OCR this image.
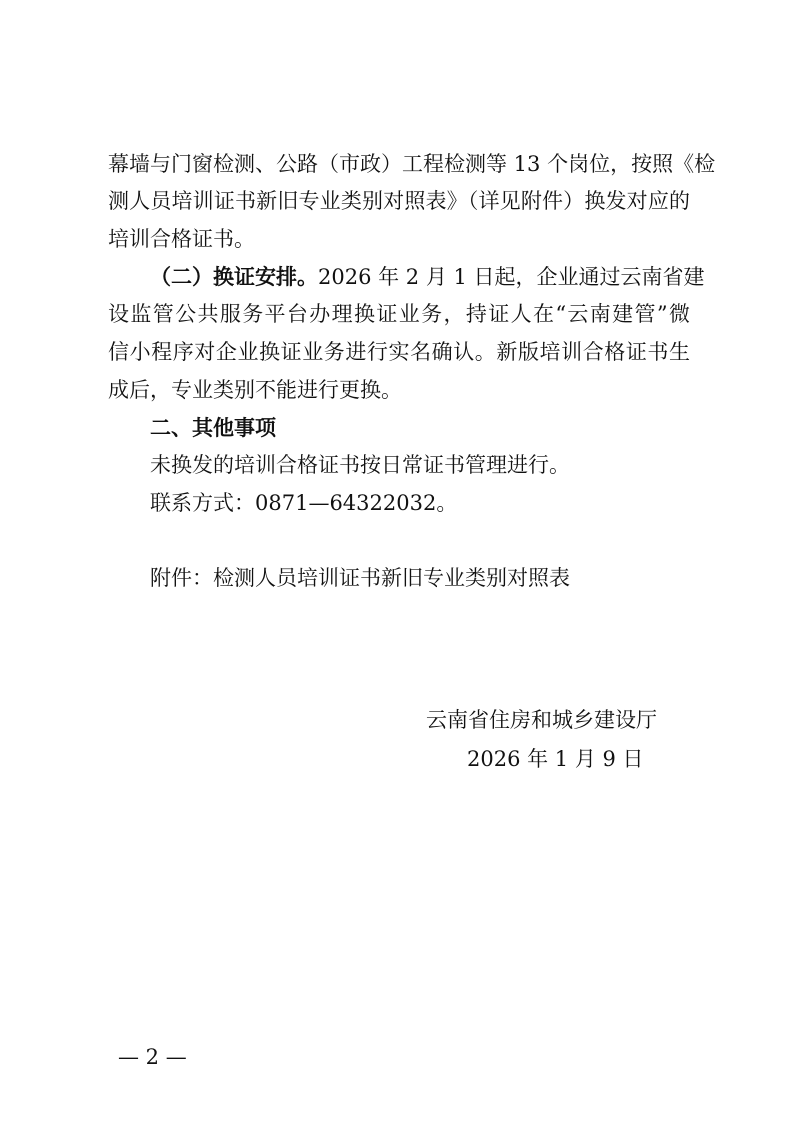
幕墙与门窗检测、公路（市政）工程检测等 13 个岗位，按照《检
测人员培训证书新旧专业类别对照表》（详见附件）换发对应的
培训合格证书。
（二）换证安排。2026 年 2 月 1 日起，企业通过云南省建
设监管公共服务平台办理换证业务，持证人在“云南建管”微
信小程序对企业换证业务进行实名确认。新版培训合格证书生
成后，专业类别不能进行更换。
二、其他事项
未换发的培训合格证书按日常证书管理进行。
联系方式：0871—64322032。
附件：检测人员培训证书新旧专业类别对照表
云南省住房和城乡建设厅
2026 年 1 月 9 日
— 2 —
